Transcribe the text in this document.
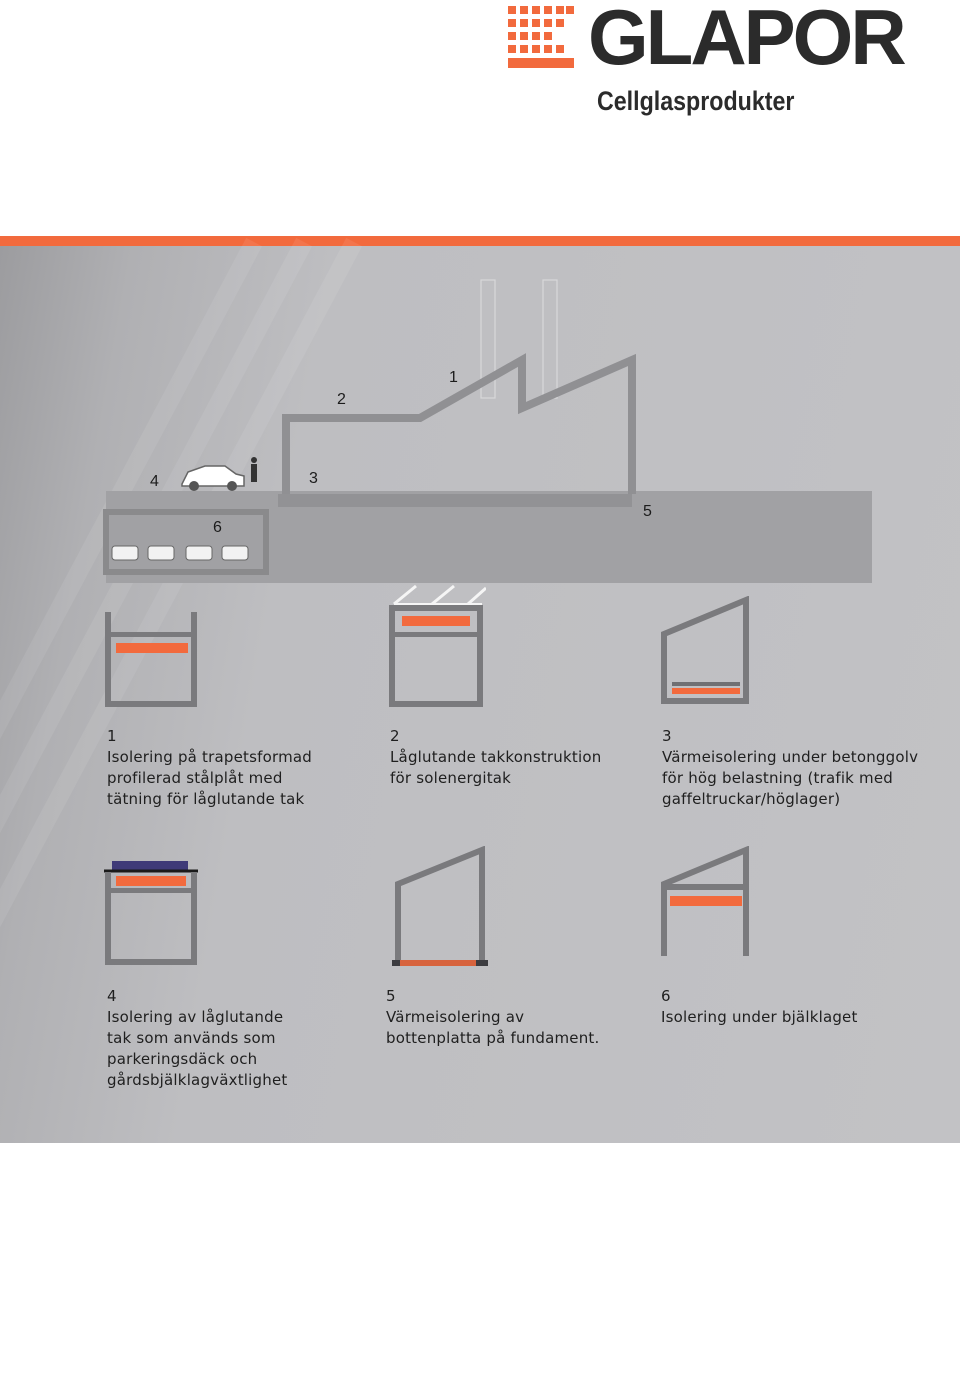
GLAPOR
Cellglasprodukter
1
2
3
4
5
6
1
Isolering på trapetsformad
profilerad stålplåt med
tätning för låglutande tak
2
Låglutande takkonstruktion
för solenergitak
3
Värmeisolering under betonggolv
för hög belastning (trafik med
gaffeltruckar/höglager)
4
Isolering av låglutande
tak som används som
parkeringsdäck och
gårdsbjälklagväxtlighet
5
Värmeisolering av
bottenplatta på fundament.
6
Isolering under bjälklaget
